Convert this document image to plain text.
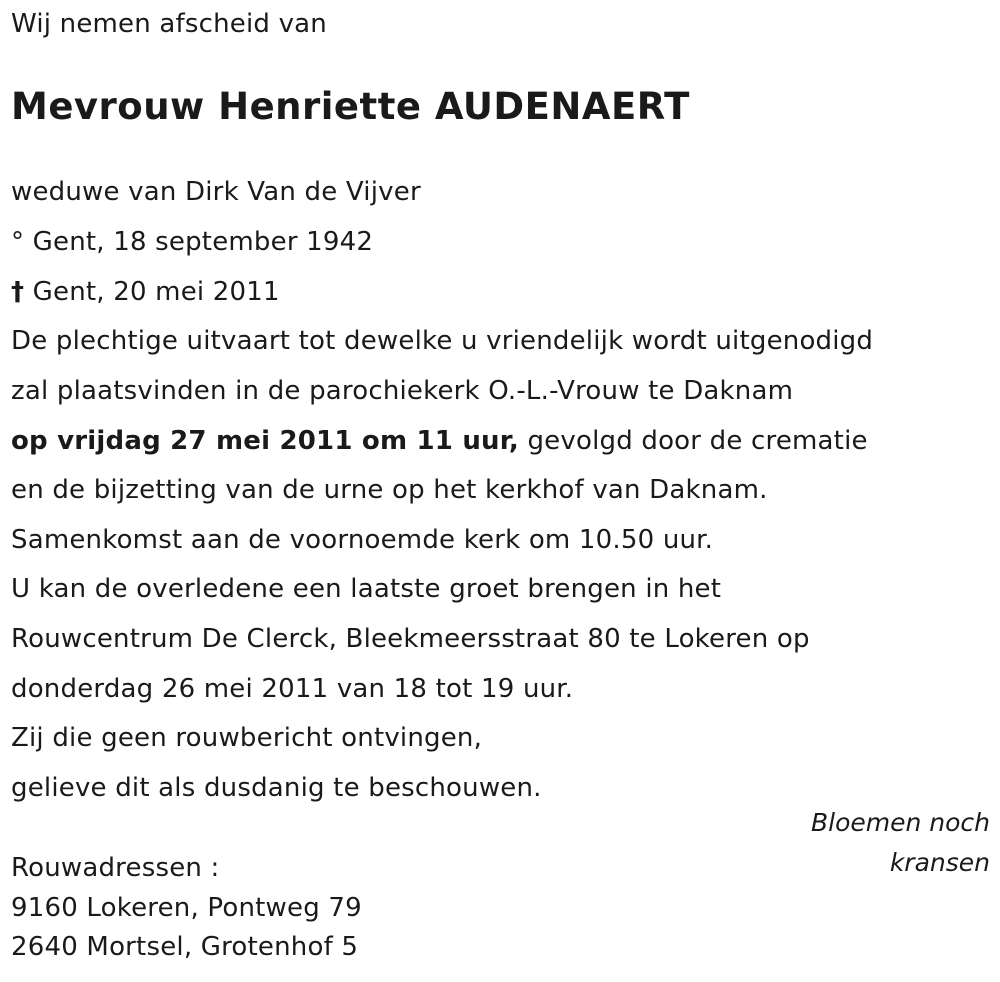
Wij nemen afscheid van
Mevrouw Henriette AUDENAERT
weduwe van Dirk Van de Vijver
° Gent, 18 september 1942
† Gent, 20 mei 2011
De plechtige uitvaart tot dewelke u vriendelijk wordt uitgenodigd
zal plaatsvinden in de parochiekerk O.-L.-Vrouw te Daknam
op vrijdag 27 mei 2011 om 11 uur, gevolgd door de crematie
en de bijzetting van de urne op het kerkhof van Daknam.
Samenkomst aan de voornoemde kerk om 10.50 uur.
U kan de overledene een laatste groet brengen in het
Rouwcentrum De Clerck, Bleekmeersstraat 80 te Lokeren op
donderdag 26 mei 2011 van 18 tot 19 uur.
Zij die geen rouwbericht ontvingen,
gelieve dit als dusdanig te beschouwen.
Bloemen noch
kransen
Rouwadressen :
9160 Lokeren, Pontweg 79
2640 Mortsel, Grotenhof 5
